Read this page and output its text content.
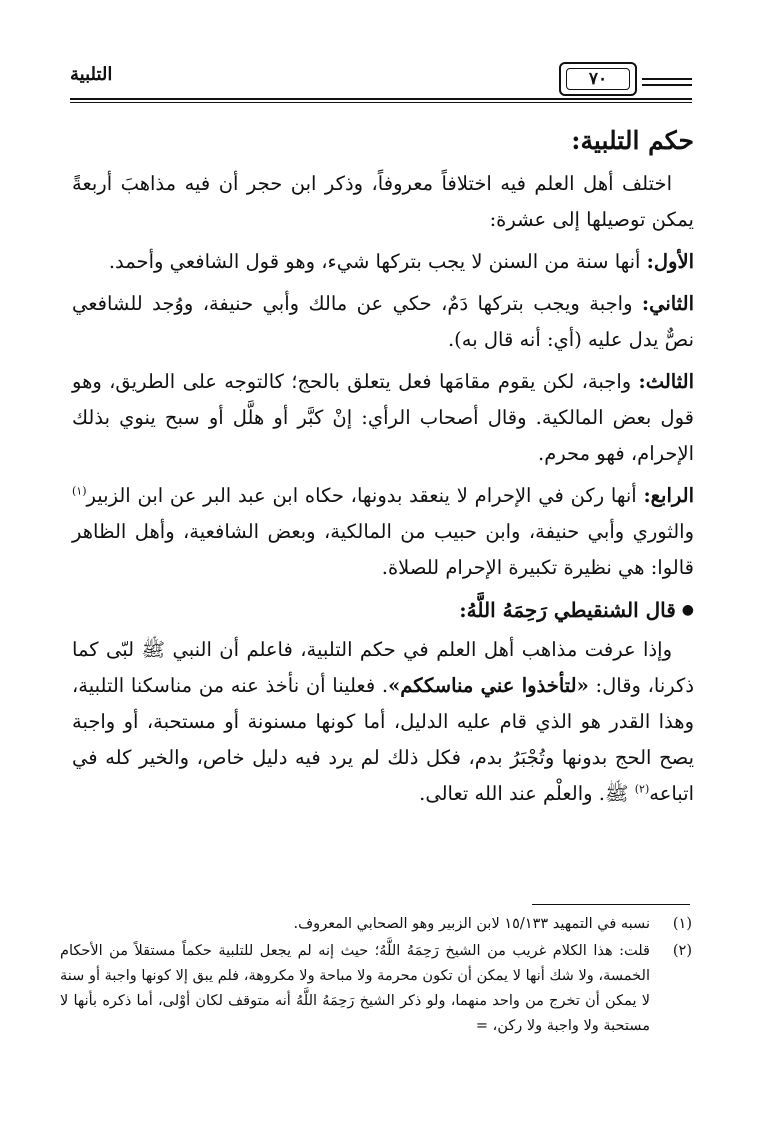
التلبية	٧٠
حكم التلبية:

اختلف أهل العلم فيه اختلافاً معروفاً، وذكر ابن حجر أن فيه مذاهبَ أربعةً يمكن توصيلها إلى عشرة:

الأول: أنها سنة من السنن لا يجب بتركها شيء، وهو قول الشافعي وأحمد.

الثاني: واجبة ويجب بتركها دَمٌ، حكي عن مالك وأبي حنيفة، ووُجد للشافعي نصٌّ يدل عليه (أي: أنه قال به).

الثالث: واجبة، لكن يقوم مقامَها فعل يتعلق بالحج؛ كالتوجه على الطريق، وهو قول بعض المالكية. وقال أصحاب الرأي: إنْ كبَّر أو هلَّل أو سبح ينوي بذلك الإحرام، فهو محرم.

الرابع: أنها ركن في الإحرام لا ينعقد بدونها، حكاه ابن عبد البر عن ابن الزبير$^{(١)}$ والثوري وأبي حنيفة، وابن حبيب من المالكية، وبعض الشافعية، وأهل الظاهر قالوا: هي نظيرة تكبيرة الإحرام للصلاة.

●
قال الشنقيطي رَحِمَهُ اللَّهُ:

وإذا عرفت مذاهب أهل العلم في حكم التلبية، فاعلم أن النبي ﷺ لبّى كما ذكرنا، وقال: «لتأخذوا عني مناسككم». فعلينا أن نأخذ عنه من مناسكنا التلبية، وهذا القدر هو الذي قام عليه الدليل، أما كونها مسنونة أو مستحبة، أو واجبة يصح الحج بدونها وتُجْبَرُ بدم، فكل ذلك لم يرد فيه دليل خاص، والخير كله في اتباعه$^{(٢)}$ ﷺ. والعلْم عند الله تعالى.

(١)
نسبه في التمهيد ١٥/١٣٣ لابن الزبير وهو الصحابي المعروف.
(٢)
قلت: هذا الكلام غريب من الشيخ رَحِمَهُ اللَّهُ؛ حيث إنه لم يجعل للتلبية حكماً مستقلاً من الأحكام الخمسة، ولا شك أنها لا يمكن أن تكون محرمة ولا مباحة ولا مكروهة، فلم يبق إلا كونها واجبة أو سنة لا يمكن أن تخرج من واحد منهما، ولو ذكر الشيخ رَحِمَهُ اللَّهُ أنه متوقف لكان أوْلى، أما ذكره بأنها لا مستحبة ولا واجبة ولا ركن، =
